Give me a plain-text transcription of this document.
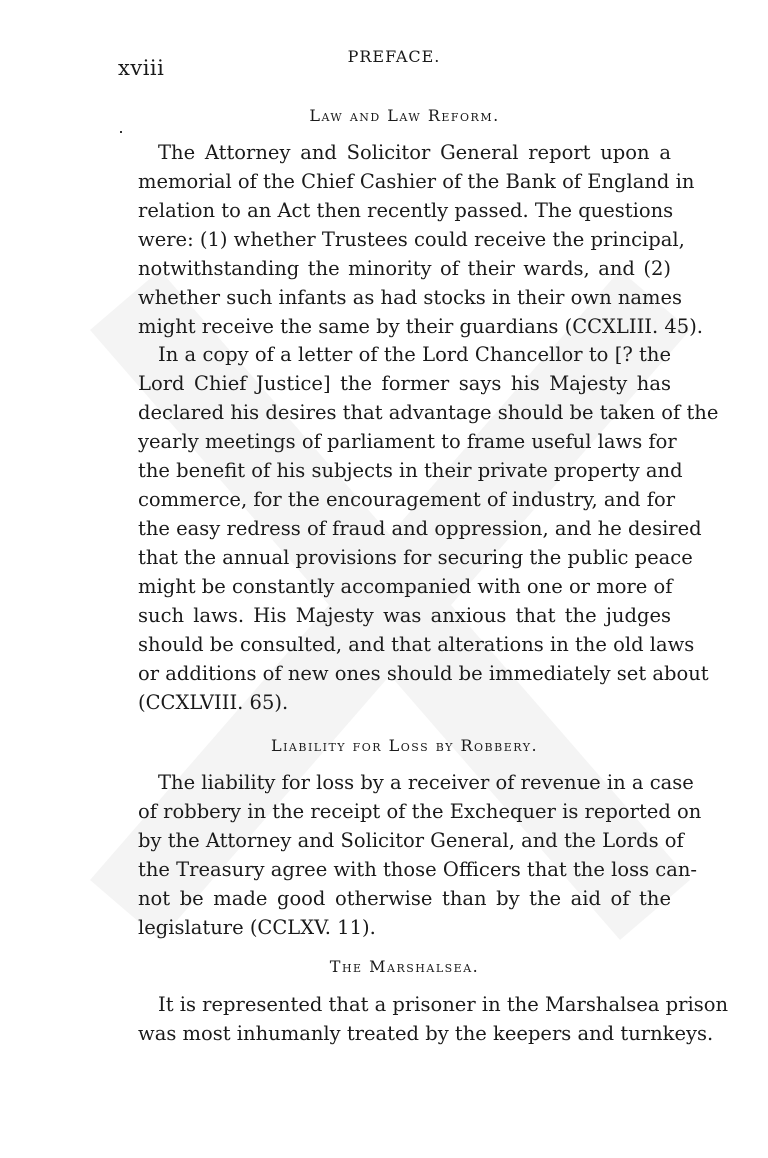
xviii	PREFACE.
Law and Law Reform.
The Attorney and Solicitor General report upon a
memorial of the Chief Cashier of the Bank of England in
relation to an Act then recently passed. The questions
were: (1) whether Trustees could receive the principal,
notwithstanding the minority of their wards, and (2)
whether such infants as had stocks in their own names
might receive the same by their guardians (CCXLIII. 45).
In a copy of a letter of the Lord Chancellor to [? the
Lord Chief Justice] the former says his Majesty has
declared his desires that advantage should be taken of the
yearly meetings of parliament to frame useful laws for
the benefit of his subjects in their private property and
commerce, for the encouragement of industry, and for
the easy redress of fraud and oppression, and he desired
that the annual provisions for securing the public peace
might be constantly accompanied with one or more of
such laws. His Majesty was anxious that the judges
should be consulted, and that alterations in the old laws
or additions of new ones should be immediately set about
(CCXLVIII. 65).
Liability for Loss by Robbery.
The liability for loss by a receiver of revenue in a case
of robbery in the receipt of the Exchequer is reported on
by the Attorney and Solicitor General, and the Lords of
the Treasury agree with those Officers that the loss can-
not be made good otherwise than by the aid of the
legislature (CCLXV. 11).
The Marshalsea.
It is represented that a prisoner in the Marshalsea prison
was most inhumanly treated by the keepers and turnkeys.
